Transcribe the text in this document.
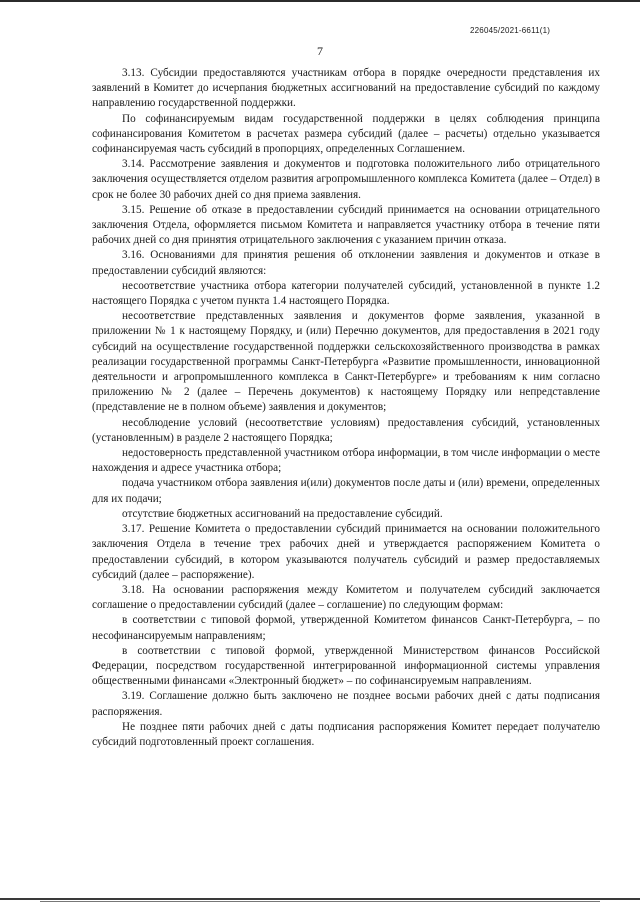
226045/2021-6611(1)
7

3.13. Субсидии предоставляются участникам отбора в порядке очередности представления их заявлений в Комитет до исчерпания бюджетных ассигнований на предоставление субсидий по каждому направлению государственной поддержки.

По софинансируемым видам государственной поддержки в целях соблюдения принципа софинансирования Комитетом в расчетах размера субсидий (далее – расчеты) отдельно указывается софинансируемая часть субсидий в пропорциях, определенных Соглашением.

3.14. Рассмотрение заявления и документов и подготовка положительного либо отрицательного заключения осуществляется отделом развития агропромышленного комплекса Комитета (далее – Отдел) в срок не более 30 рабочих дней со дня приема заявления.

3.15. Решение об отказе в предоставлении субсидий принимается на основании отрицательного заключения Отдела, оформляется письмом Комитета и направляется участнику отбора в течение пяти рабочих дней со дня принятия отрицательного заключения с указанием причин отказа.

3.16. Основаниями для принятия решения об отклонении заявления и документов и отказе в предоставлении субсидий являются:

несоответствие участника отбора категории получателей субсидий, установленной в пункте 1.2 настоящего Порядка с учетом пункта 1.4 настоящего Порядка.

несоответствие представленных заявления и документов форме заявления, указанной в приложении № 1 к настоящему Порядку, и (или) Перечню документов, для предоставления в 2021 году субсидий на осуществление государственной поддержки сельскохозяйственного производства в рамках реализации государственной программы Санкт-Петербурга «Развитие промышленности, инновационной деятельности и агропромышленного комплекса в Санкт-Петербурге» и требованиям к ним согласно приложению № 2 (далее – Перечень документов) к настоящему Порядку или непредставление (представление не в полном объеме) заявления и документов;

несоблюдение условий (несоответствие условиям) предоставления субсидий, установленных (установленным) в разделе 2 настоящего Порядка;

недостоверность представленной участником отбора информации, в том числе информации о месте нахождения и адресе участника отбора;

подача участником отбора заявления и(или) документов после даты и (или) времени, определенных для их подачи;

отсутствие бюджетных ассигнований на предоставление субсидий.

3.17. Решение Комитета о предоставлении субсидий принимается на основании положительного заключения Отдела в течение трех рабочих дней и утверждается распоряжением Комитета о предоставлении субсидий, в котором указываются получатель субсидий и размер предоставляемых субсидий (далее – распоряжение).

3.18. На основании распоряжения между Комитетом и получателем субсидий заключается соглашение о предоставлении субсидий (далее – соглашение) по следующим формам:

в соответствии с типовой формой, утвержденной Комитетом финансов Санкт-Петербурга, – по несофинансируемым направлениям;

в соответствии с типовой формой, утвержденной Министерством финансов Российской Федерации, посредством государственной интегрированной информационной системы управления общественными финансами «Электронный бюджет» – по софинансируемым направлениям.

3.19. Соглашение должно быть заключено не позднее восьми рабочих дней с даты подписания распоряжения.

Не позднее пяти рабочих дней с даты подписания распоряжения Комитет передает получателю субсидий подготовленный проект соглашения.
